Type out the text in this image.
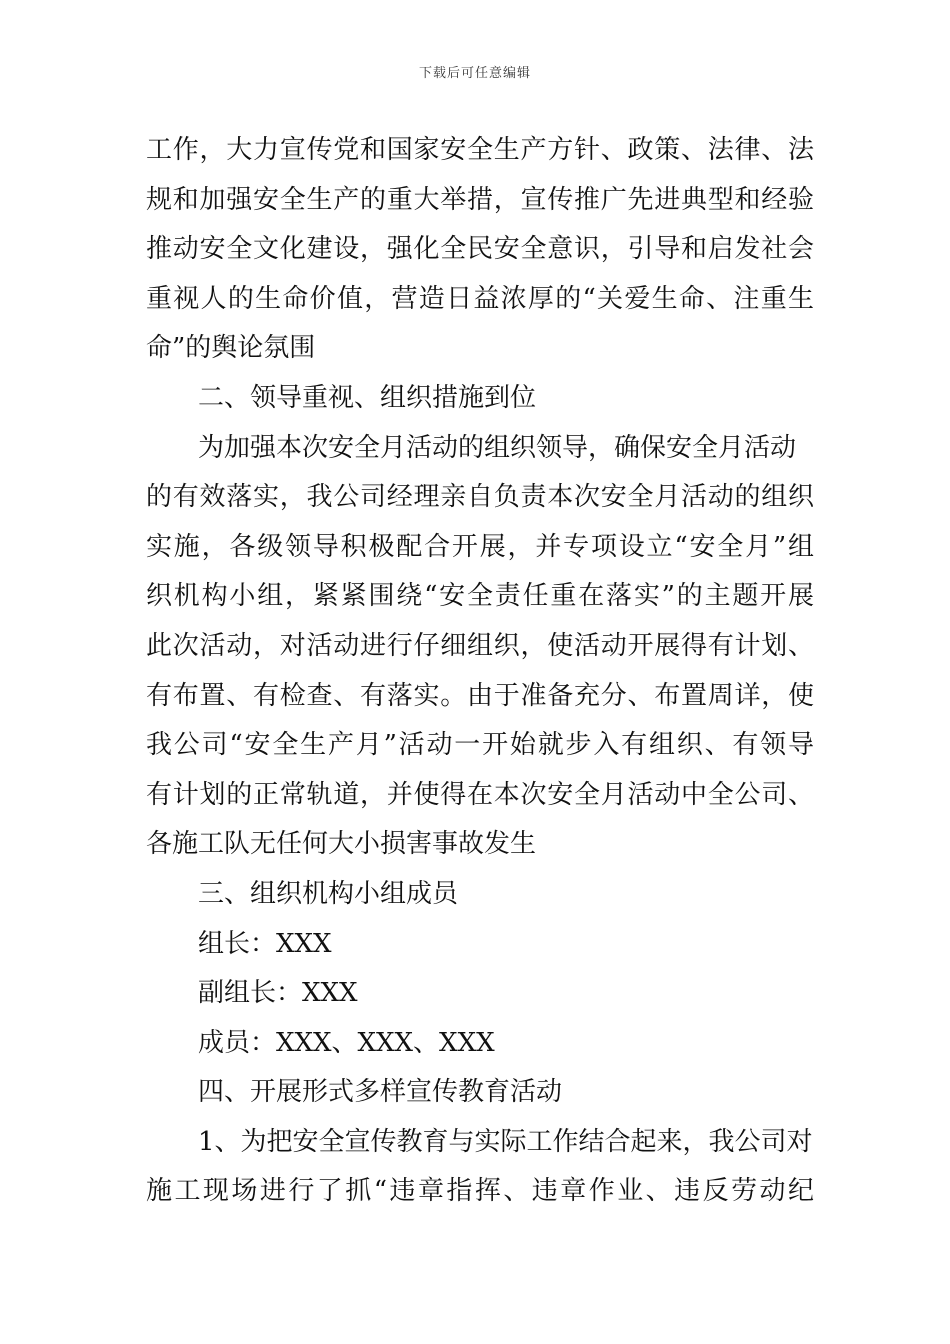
下载后可任意编辑
工作，大力宣传党和国家安全生产方针、政策、法律、法
规和加强安全生产的重大举措，宣传推广先进典型和经验
推动安全文化建设，强化全民安全意识，引导和启发社会
重视人的生命价值，营造日益浓厚的“关爱生命、注重生
命”的舆论氛围
二、领导重视、组织措施到位
为加强本次安全月活动的组织领导，确保安全月活动
的有效落实，我公司经理亲自负责本次安全月活动的组织
实施，各级领导积极配合开展，并专项设立“安全月”组
织机构小组，紧紧围绕“安全责任重在落实”的主题开展
此次活动，对活动进行仔细组织，使活动开展得有计划、
有布置、有检查、有落实。由于准备充分、布置周详，使
我公司“安全生产月”活动一开始就步入有组织、有领导
有计划的正常轨道，并使得在本次安全月活动中全公司、
各施工队无任何大小损害事故发生
三、组织机构小组成员
组长：XXX
副组长：XXX
成员：XXX、XXX、XXX
四、开展形式多样宣传教育活动
1、为把安全宣传教育与实际工作结合起来，我公司对
施工现场进行了抓“违章指挥、违章作业、违反劳动纪
